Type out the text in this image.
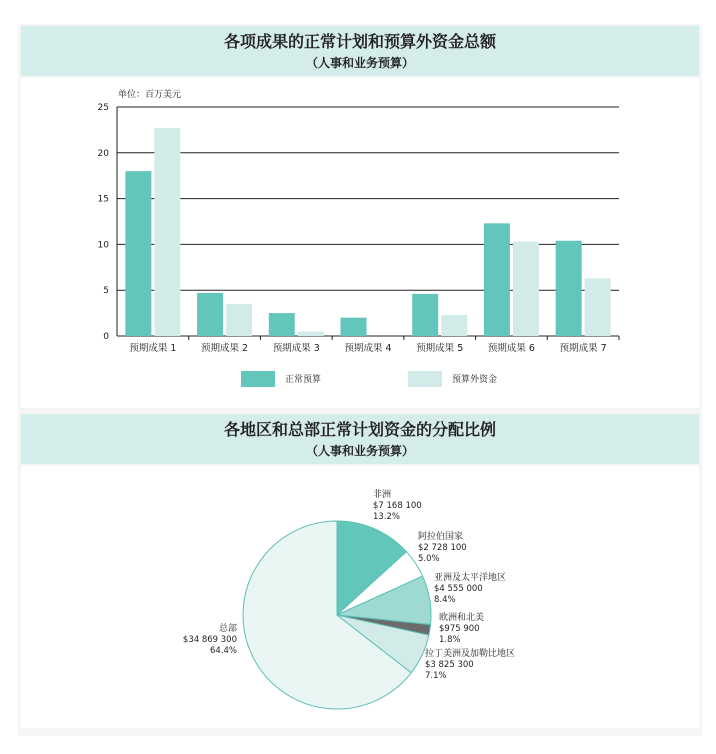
各项成果的正常计划和预算外资金总额
（人事和业务预算）
单位：百万美元
0
5
10
15
20
25
预期成果 1	预期成果 2	预期成果 3	预期成果 4	预期成果 5	预期成果 6	预期成果 7
正常预算	预算外资金
各地区和总部正常计划资金的分配比例
（人事和业务预算）
非洲
$7 168 100
13.2%
阿拉伯国家
$2 728 100
5.0%
亚洲及太平洋地区
$4 555 000
8.4%
欧洲和北美
$975 900
1.8%
拉丁美洲及加勒比地区
$3 825 300
7.1%
总部
$34 869 300
64.4%
